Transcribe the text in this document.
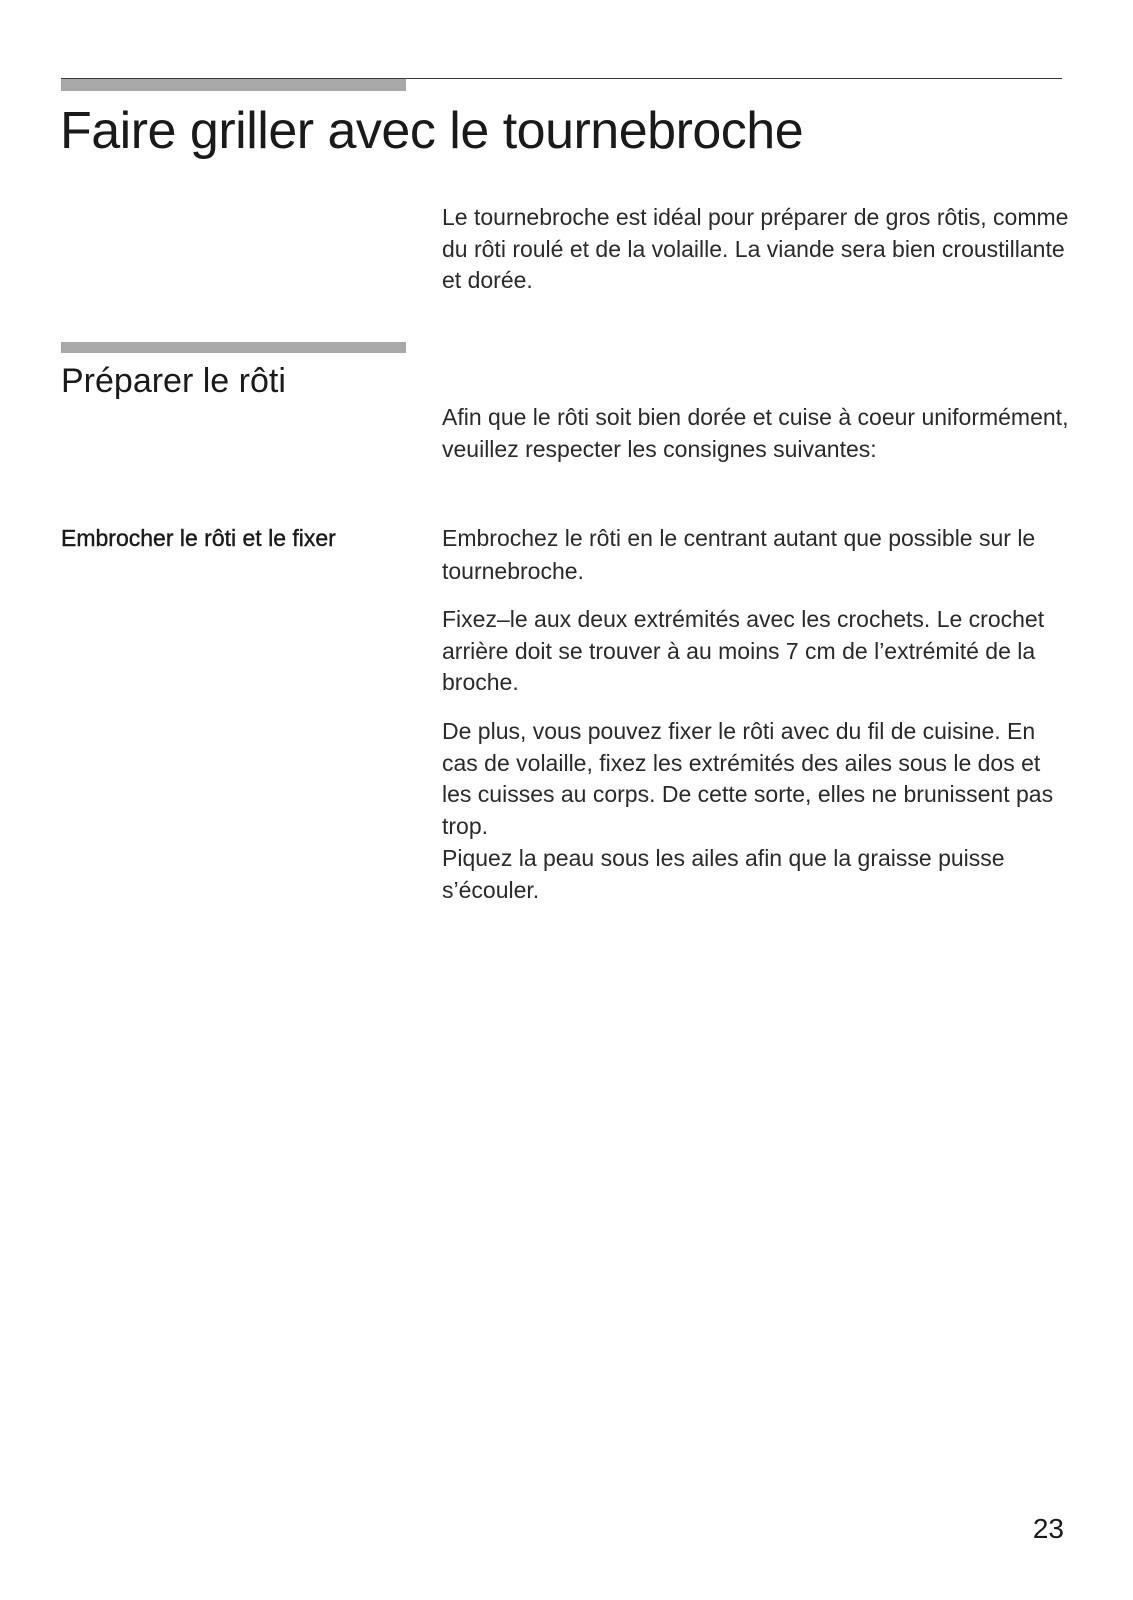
Faire griller avec le tournebroche

Le tournebroche est idéal pour préparer de gros rôtis, comme du rôti roulé et de la volaille. La viande sera bien croustillante et dorée.

Préparer le rôti

Afin que le rôti soit bien dorée et cuise à coeur uniformément, veuillez respecter les consignes suivantes:

Embrocher le rôti et le fixer	Embrochez le rôti en le centrant autant que possible sur le tournebroche.

Fixez–le aux deux extrémités avec les crochets. Le crochet arrière doit se trouver à au moins 7 cm de l’extrémité de la broche.

De plus, vous pouvez fixer le rôti avec du fil de cuisine. En cas de volaille, fixez les extrémités des ailes sous le dos et les cuisses au corps. De cette sorte, elles ne brunissent pas trop.

Piquez la peau sous les ailes afin que la graisse puisse s’écouler.

23
